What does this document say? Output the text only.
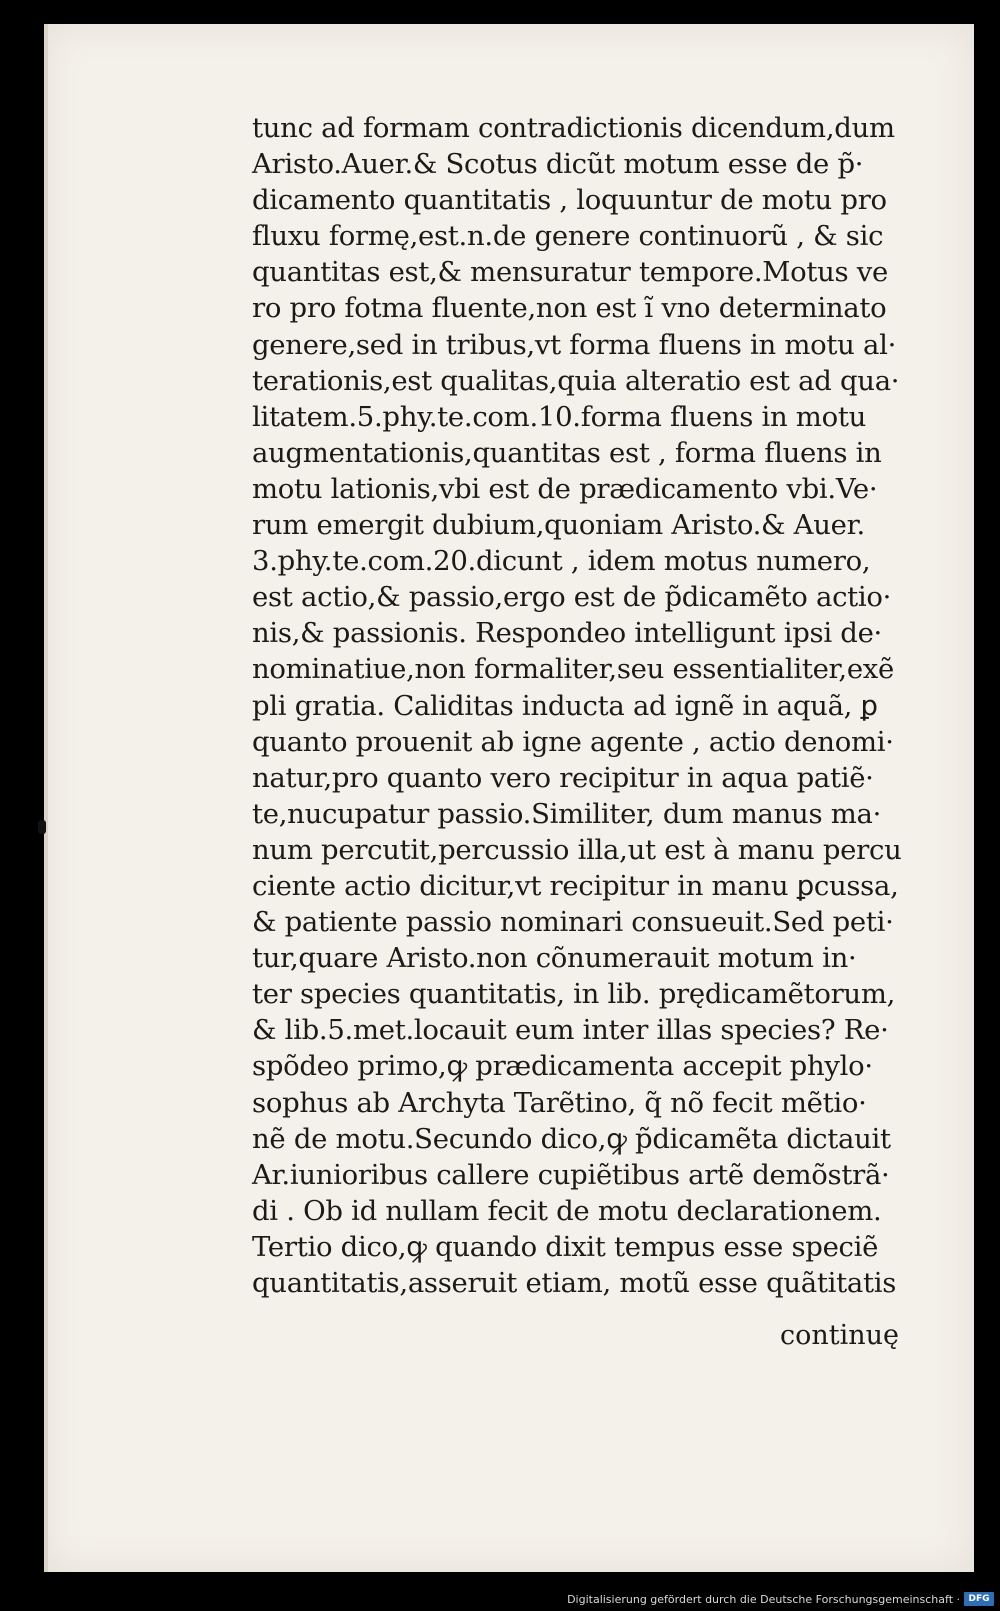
tunc ad formam contradictionis dicendum,dum
Aristo.Auer.& Scotus dicũt motum esse de p̃·
dicamento quantitatis , loquuntur de motu pro
fluxu formę,est.n.de genere continuorũ , & sic
quantitas est,& mensuratur tempore.Motus ve
ro pro fotma fluente,non est ĩ vno determinato
genere,sed in tribus,vt forma fluens in motu al·
terationis,est qualitas,quia alteratio est ad qua·
litatem.5.phy.te.com.10.forma fluens in motu
augmentationis,quantitas est , forma fluens in
motu lationis,vbi est de prædicamento vbi.Ve·
rum emergit dubium,quoniam Aristo.& Auer.
3.phy.te.com.20.dicunt , idem motus numero,
est actio,& passio,ergo est de p̃dicamẽto actio·
nis,& passionis. Respondeo intelligunt ipsi de·
nominatiue,non formaliter,seu essentialiter,exẽ
pli gratia. Caliditas inducta ad ignẽ in aquã, ꝑ
quanto prouenit ab igne agente , actio denomi·
natur,pro quanto vero recipitur in aqua patiẽ·
te,nucupatur passio.Similiter, dum manus ma·
num percutit,percussio illa,ut est à manu percu
ciente actio dicitur,vt recipitur in manu ꝑcussa,
& patiente passio nominari consueuit.Sed peti·
tur,quare Aristo.non cõnumerauit motum in·
ter species quantitatis, in lib. prędicamẽtorum,
& lib.5.met.locauit eum inter illas species? Re·
spõdeo primo,ꝙ prædicamenta accepit phylo·
sophus ab Archyta Tarẽtino, q̃ nõ fecit mẽtio·
nẽ de motu.Secundo dico,ꝙ p̃dicamẽta dictauit
Ar.iunioribus callere cupiẽtibus artẽ demõstrã·
di . Ob id nullam fecit de motu declarationem.
Tertio dico,ꝙ quando dixit tempus esse speciẽ
quantitatis,asseruit etiam, motũ esse quãtitatis
continuę
Digitalisierung gefördert durch die Deutsche Forschungsgemeinschaft · DFG
